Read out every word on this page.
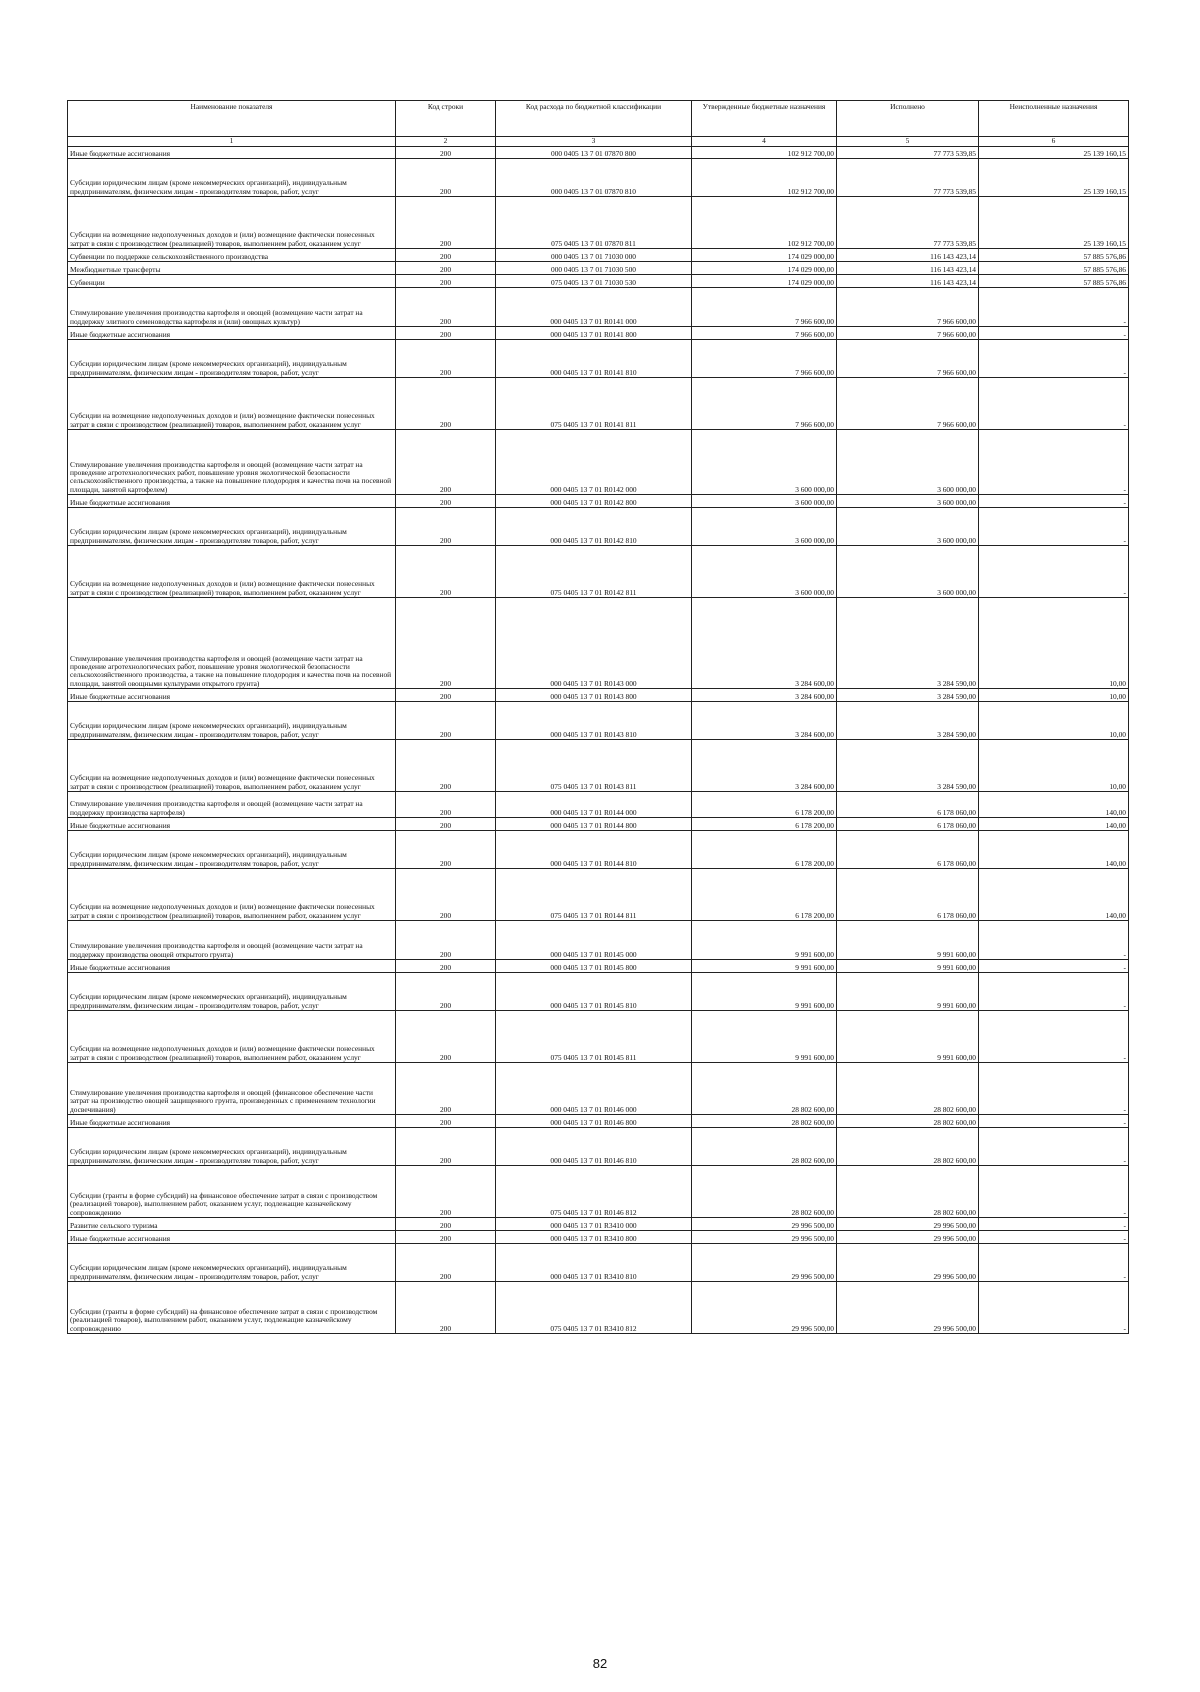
Наименование показателя	Код строки	Код расхода по бюджетной классификации	Утвержденные бюджетные назначения	Исполнено	Неисполненные назначения
1	2	3	4	5	6
Иные бюджетные ассигнования	200	000 0405 13 7 01 07870 800	102 912 700,00	77 773 539,85	25 139 160,15
Субсидии юридическим лицам (кроме некоммерческих организаций), индивидуальным предпринимателям, физическим лицам - производителям товаров, работ, услуг	200	000 0405 13 7 01 07870 810	102 912 700,00	77 773 539,85	25 139 160,15
Субсидии на возмещение недополученных доходов и (или) возмещение фактически понесенных затрат в связи с производством (реализацией) товаров, выполнением работ, оказанием услуг	200	075 0405 13 7 01 07870 811	102 912 700,00	77 773 539,85	25 139 160,15
Субвенции по поддержке сельскохозяйственного производства	200	000 0405 13 7 01 71030 000	174 029 000,00	116 143 423,14	57 885 576,86
Межбюджетные трансферты	200	000 0405 13 7 01 71030 500	174 029 000,00	116 143 423,14	57 885 576,86
Субвенции	200	075 0405 13 7 01 71030 530	174 029 000,00	116 143 423,14	57 885 576,86
Стимулирование увеличения производства картофеля и овощей (возмещение части затрат на поддержку элитного семеноводства картофеля и (или) овощных культур)	200	000 0405 13 7 01 R0141 000	7 966 600,00	7 966 600,00	-
Иные бюджетные ассигнования	200	000 0405 13 7 01 R0141 800	7 966 600,00	7 966 600,00	-
Субсидии юридическим лицам (кроме некоммерческих организаций), индивидуальным предпринимателям, физическим лицам - производителям товаров, работ, услуг	200	000 0405 13 7 01 R0141 810	7 966 600,00	7 966 600,00	-
Субсидии на возмещение недополученных доходов и (или) возмещение фактически понесенных затрат в связи с производством (реализацией) товаров, выполнением работ, оказанием услуг	200	075 0405 13 7 01 R0141 811	7 966 600,00	7 966 600,00	-
Стимулирование увеличения производства картофеля и овощей (возмещение части затрат на проведение агротехнологических работ, повышение уровня экологической безопасности сельскохозяйственного производства, а также на повышение плодородия и качества почв на посевной площади, занятой картофелем)	200	000 0405 13 7 01 R0142 000	3 600 000,00	3 600 000,00	-
Иные бюджетные ассигнования	200	000 0405 13 7 01 R0142 800	3 600 000,00	3 600 000,00	-
Субсидии юридическим лицам (кроме некоммерческих организаций), индивидуальным предпринимателям, физическим лицам - производителям товаров, работ, услуг	200	000 0405 13 7 01 R0142 810	3 600 000,00	3 600 000,00	-
Субсидии на возмещение недополученных доходов и (или) возмещение фактически понесенных затрат в связи с производством (реализацией) товаров, выполнением работ, оказанием услуг	200	075 0405 13 7 01 R0142 811	3 600 000,00	3 600 000,00	-
Стимулирование увеличения производства картофеля и овощей (возмещение части затрат на проведение агротехнологических работ, повышение уровня экологической безопасности сельскохозяйственного производства, а также на повышение плодородия и качества почв на посевной площади, занятой овощными культурами открытого грунта)	200	000 0405 13 7 01 R0143 000	3 284 600,00	3 284 590,00	10,00
Иные бюджетные ассигнования	200	000 0405 13 7 01 R0143 800	3 284 600,00	3 284 590,00	10,00
Субсидии юридическим лицам (кроме некоммерческих организаций), индивидуальным предпринимателям, физическим лицам - производителям товаров, работ, услуг	200	000 0405 13 7 01 R0143 810	3 284 600,00	3 284 590,00	10,00
Субсидии на возмещение недополученных доходов и (или) возмещение фактически понесенных затрат в связи с производством (реализацией) товаров, выполнением работ, оказанием услуг	200	075 0405 13 7 01 R0143 811	3 284 600,00	3 284 590,00	10,00
Стимулирование увеличения производства картофеля и овощей (возмещение части затрат на поддержку производства картофеля)	200	000 0405 13 7 01 R0144 000	6 178 200,00	6 178 060,00	140,00
Иные бюджетные ассигнования	200	000 0405 13 7 01 R0144 800	6 178 200,00	6 178 060,00	140,00
Субсидии юридическим лицам (кроме некоммерческих организаций), индивидуальным предпринимателям, физическим лицам - производителям товаров, работ, услуг	200	000 0405 13 7 01 R0144 810	6 178 200,00	6 178 060,00	140,00
Субсидии на возмещение недополученных доходов и (или) возмещение фактически понесенных затрат в связи с производством (реализацией) товаров, выполнением работ, оказанием услуг	200	075 0405 13 7 01 R0144 811	6 178 200,00	6 178 060,00	140,00
Стимулирование увеличения производства картофеля и овощей (возмещение части затрат на поддержку производства овощей открытого грунта)	200	000 0405 13 7 01 R0145 000	9 991 600,00	9 991 600,00	-
Иные бюджетные ассигнования	200	000 0405 13 7 01 R0145 800	9 991 600,00	9 991 600,00	-
Субсидии юридическим лицам (кроме некоммерческих организаций), индивидуальным предпринимателям, физическим лицам - производителям товаров, работ, услуг	200	000 0405 13 7 01 R0145 810	9 991 600,00	9 991 600,00	-
Субсидии на возмещение недополученных доходов и (или) возмещение фактически понесенных затрат в связи с производством (реализацией) товаров, выполнением работ, оказанием услуг	200	075 0405 13 7 01 R0145 811	9 991 600,00	9 991 600,00	-
Стимулирование увеличения производства картофеля и овощей (финансовое обеспечение части затрат на производство овощей защищенного грунта, произведенных с применением технологии досвечивания)	200	000 0405 13 7 01 R0146 000	28 802 600,00	28 802 600,00	-
Иные бюджетные ассигнования	200	000 0405 13 7 01 R0146 800	28 802 600,00	28 802 600,00	-
Субсидии юридическим лицам (кроме некоммерческих организаций), индивидуальным предпринимателям, физическим лицам - производителям товаров, работ, услуг	200	000 0405 13 7 01 R0146 810	28 802 600,00	28 802 600,00	-
Субсидии (гранты в форме субсидий) на финансовое обеспечение затрат в связи с производством (реализацией товаров), выполнением работ, оказанием услуг, подлежащие казначейскому сопровождению	200	075 0405 13 7 01 R0146 812	28 802 600,00	28 802 600,00	-
Развитие сельского туризма	200	000 0405 13 7 01 R3410 000	29 996 500,00	29 996 500,00	-
Иные бюджетные ассигнования	200	000 0405 13 7 01 R3410 800	29 996 500,00	29 996 500,00	-
Субсидии юридическим лицам (кроме некоммерческих организаций), индивидуальным предпринимателям, физическим лицам - производителям товаров, работ, услуг	200	000 0405 13 7 01 R3410 810	29 996 500,00	29 996 500,00	-
Субсидии (гранты в форме субсидий) на финансовое обеспечение затрат в связи с производством (реализацией товаров), выполнением работ, оказанием услуг, подлежащие казначейскому сопровождению	200	075 0405 13 7 01 R3410 812	29 996 500,00	29 996 500,00	-
82
